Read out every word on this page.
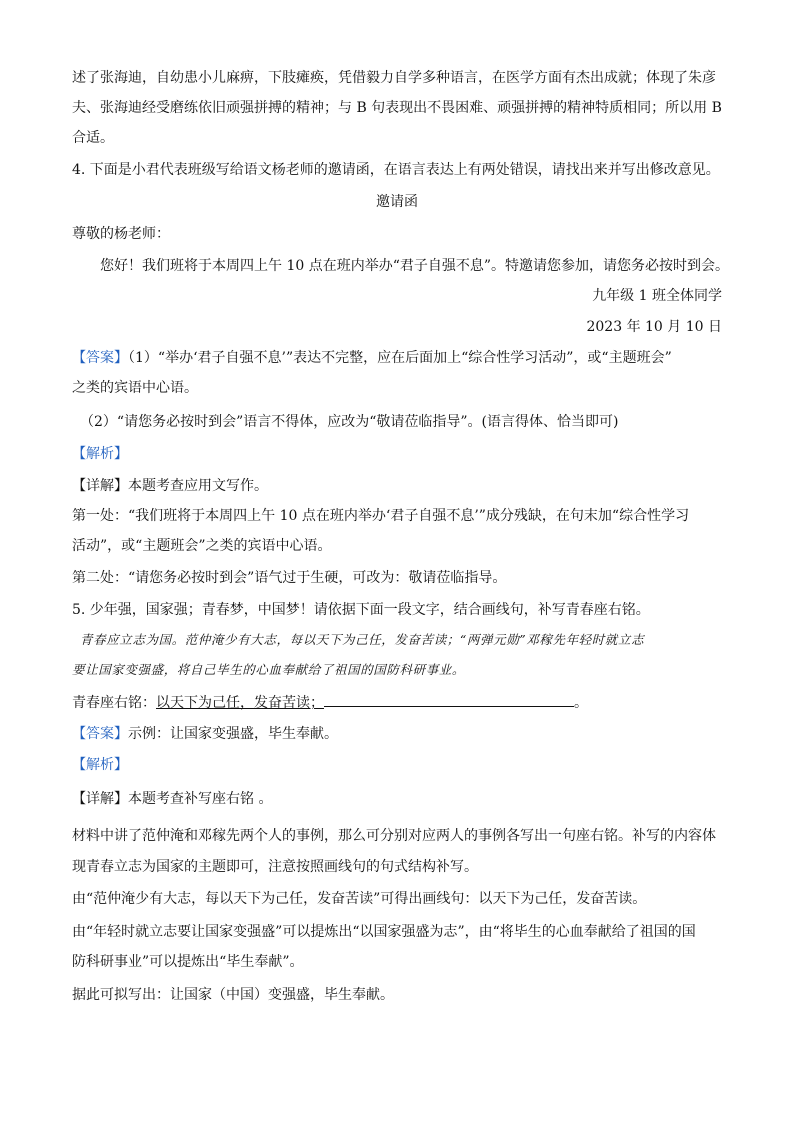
述了张海迪，自幼患小儿麻痹，下肢瘫痪，凭借毅力自学多种语言，在医学方面有杰出成就；体现了朱彦
夫、张海迪经受磨练依旧顽强拼搏的精神；与 B 句表现出不畏困难、顽强拼搏的精神特质相同；所以用 B
合适。
4. 下面是小君代表班级写给语文杨老师的邀请函，在语言表达上有两处错误，请找出来并写出修改意见。
邀请函
尊敬的杨老师：
您好！我们班将于本周四上午 10 点在班内举办“君子自强不息”。特邀请您参加，请您务必按时到会。
九年级 1 班全体同学
2023 年 10 月 10 日
【答案】（1）“举办‘君子自强不息’”表达不完整，应在后面加上“综合性学习活动”，或“主题班会”
之类的宾语中心语。
（2）“请您务必按时到会”语言不得体，应改为“敬请莅临指导”。(语言得体、恰当即可)
【解析】
【详解】本题考查应用文写作。
第一处：“我们班将于本周四上午 10 点在班内举办‘君子自强不息’”成分残缺，在句末加“综合性学习
活动”，或“主题班会”之类的宾语中心语。
第二处：“请您务必按时到会”语气过于生硬，可改为：敬请莅临指导。
5. 少年强，国家强；青春梦，中国梦！请依据下面一段文字，结合画线句，补写青春座右铭。
青春应立志为国。范仲淹少有大志，每以天下为己任，发奋苦读；“两弹元勋”邓稼先年轻时就立志
要让国家变强盛，将自己毕生的心血奉献给了祖国的国防科研事业。
青春座右铭：以天下为己任，发奋苦读；	。
【答案】示例：让国家变强盛，毕生奉献。
【解析】
【详解】本题考查补写座右铭 。
材料中讲了范仲淹和邓稼先两个人的事例，那么可分别对应两人的事例各写出一句座右铭。补写的内容体
现青春立志为国家的主题即可，注意按照画线句的句式结构补写。
由“范仲淹少有大志，每以天下为己任，发奋苦读”可得出画线句：以天下为己任，发奋苦读。
由“年轻时就立志要让国家变强盛”可以提炼出“以国家强盛为志”，由“将毕生的心血奉献给了祖国的国
防科研事业”可以提炼出“毕生奉献”。
据此可拟写出：让国家（中国）变强盛，毕生奉献。
